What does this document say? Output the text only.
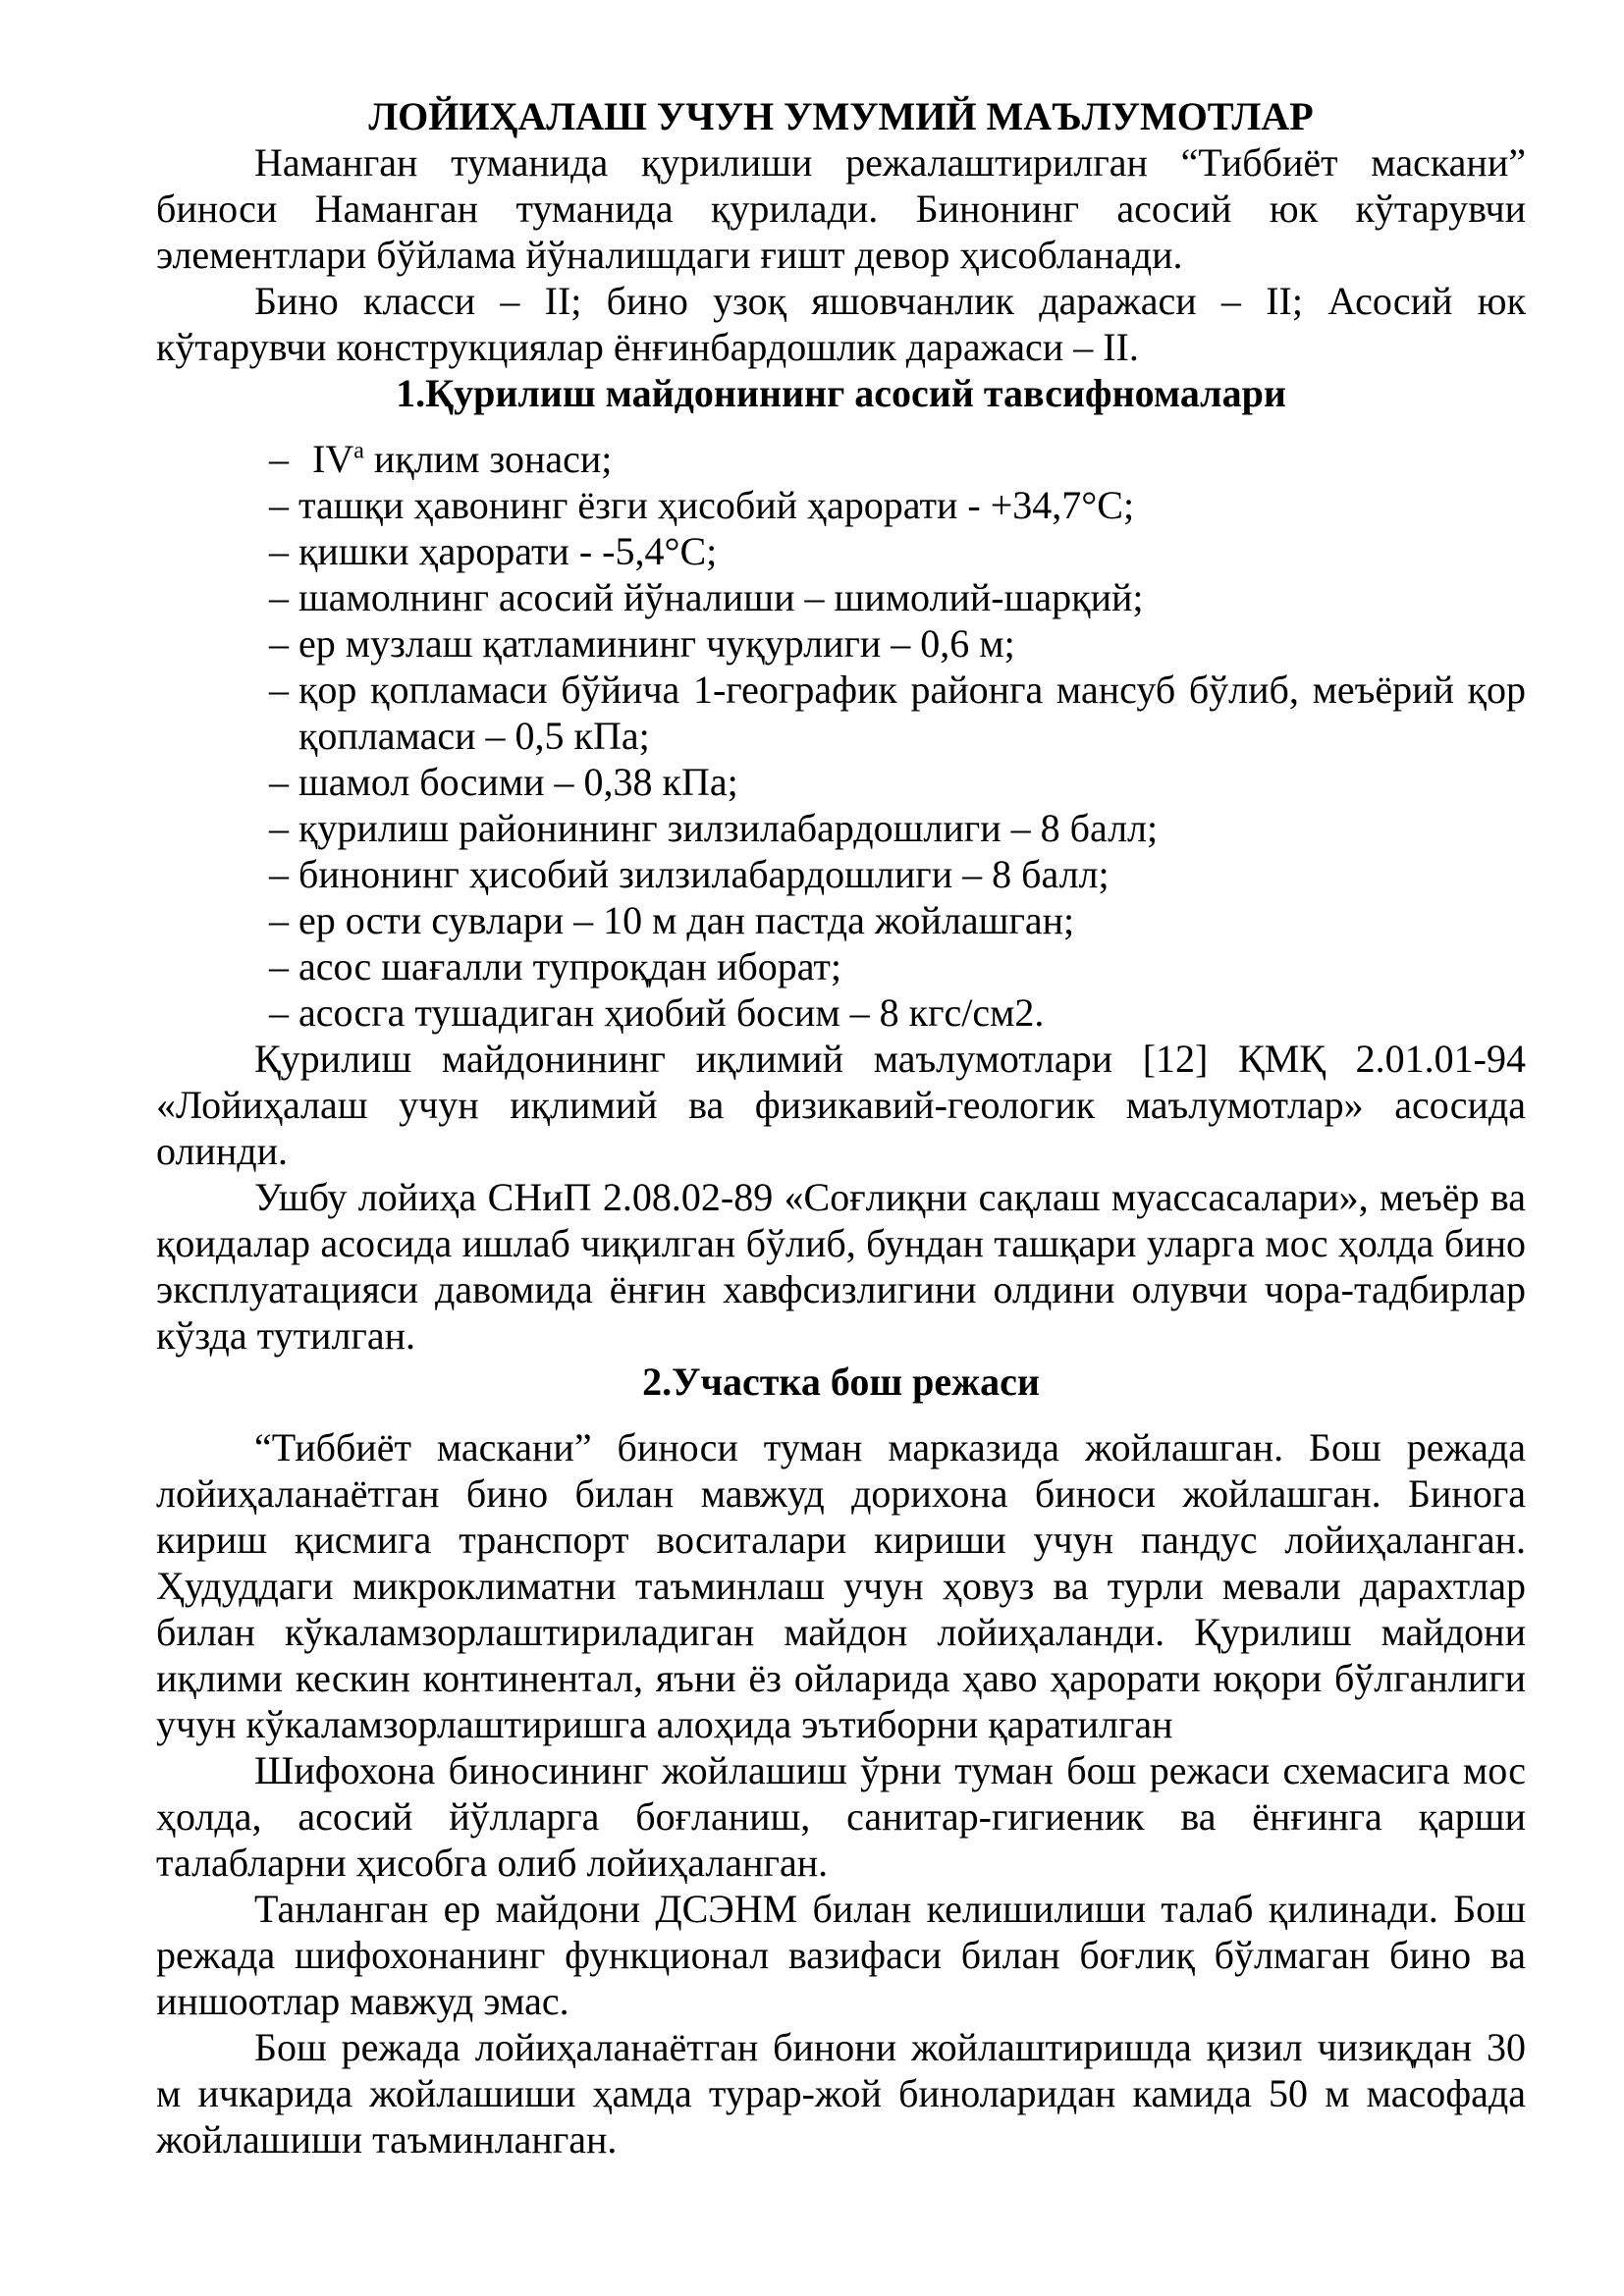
ЛОЙИҲАЛАШ УЧУН УМУМИЙ МАЪЛУМОТЛАР

Наманган туманида қурилиши режалаштирилган “Тиббиёт маскани” биноси Наманган туманида қурилади. Бинонинг асосий юк кўтарувчи элементлари бўйлама йўналишдаги ғишт девор ҳисобланади.

Бино класси – II; бино узоқ яшовчанлик даражаси – II; Асосий юк кўтарувчи конструкциялар ёнғинбардошлик даражаси – II.

1.Қурилиш майдонининг асосий тавсифномалари

– $IV^а$ иқлим зонаси;
– ташқи ҳавонинг ёзги ҳисобий ҳарорати - +34,7°С;
– қишки ҳарорати - -5,4°С;
– шамолнинг асосий йўналиши – шимолий-шарқий;
– ер музлаш қатламининг чуқурлиги – 0,6 м;
– қор қопламаси бўйича 1-географик районга мансуб бўлиб, меъёрий қор қопламаси – 0,5 кПа;
– шамол босими – 0,38 кПа;
– қурилиш районининг зилзилабардошлиги – 8 балл;
– бинонинг ҳисобий зилзилабардошлиги – 8 балл;
– ер ости сувлари – 10 м дан пастда жойлашган;
– асос шағалли тупроқдан иборат;
– асосга тушадиган ҳиобий босим – 8 кгс/см2.

Қурилиш майдонининг иқлимий маълумотлари [12] ҚМҚ 2.01.01-94 «Лойиҳалаш учун иқлимий ва физикавий-геологик маълумотлар» асосида олинди.

Ушбу лойиҳа СНиП 2.08.02-89 «Соғлиқни сақлаш муассасалари», меъёр ва қоидалар асосида ишлаб чиқилган бўлиб, бундан ташқари уларга мос ҳолда бино эксплуатацияси давомида ёнғин хавфсизлигини олдини олувчи чора-тадбирлар кўзда тутилган.

2.Участка бош режаси

“Тиббиёт маскани” биноси туман марказида жойлашган. Бош режада лойиҳаланаётган бино билан мавжуд дорихона биноси жойлашган. Бинога кириш қисмига транспорт воситалари кириши учун пандус лойиҳаланган. Ҳудуддаги микроклиматни таъминлаш учун ҳовуз ва турли мевали дарахтлар билан кўкаламзорлаштириладиган майдон лойиҳаланди. Қурилиш майдони иқлими кескин континентал, яъни ёз ойларида ҳаво ҳарорати юқори бўлганлиги учун кўкаламзорлаштиришга алоҳида эътиборни қаратилган

Шифохона биносининг жойлашиш ўрни туман бош режаси схемасига мос ҳолда, асосий йўлларга боғланиш, санитар-гигиеник ва ёнғинга қарши талабларни ҳисобга олиб лойиҳаланган.

Танланган ер майдони ДСЭНМ билан келишилиши талаб қилинади. Бош режада шифохонанинг функционал вазифаси билан боғлиқ бўлмаган бино ва иншоотлар мавжуд эмас.

Бош режада лойиҳаланаётган бинони жойлаштиришда қизил чизиқдан 30 м ичкарида жойлашиши ҳамда турар-жой биноларидан камида 50 м масофада жойлашиши таъминланган.
